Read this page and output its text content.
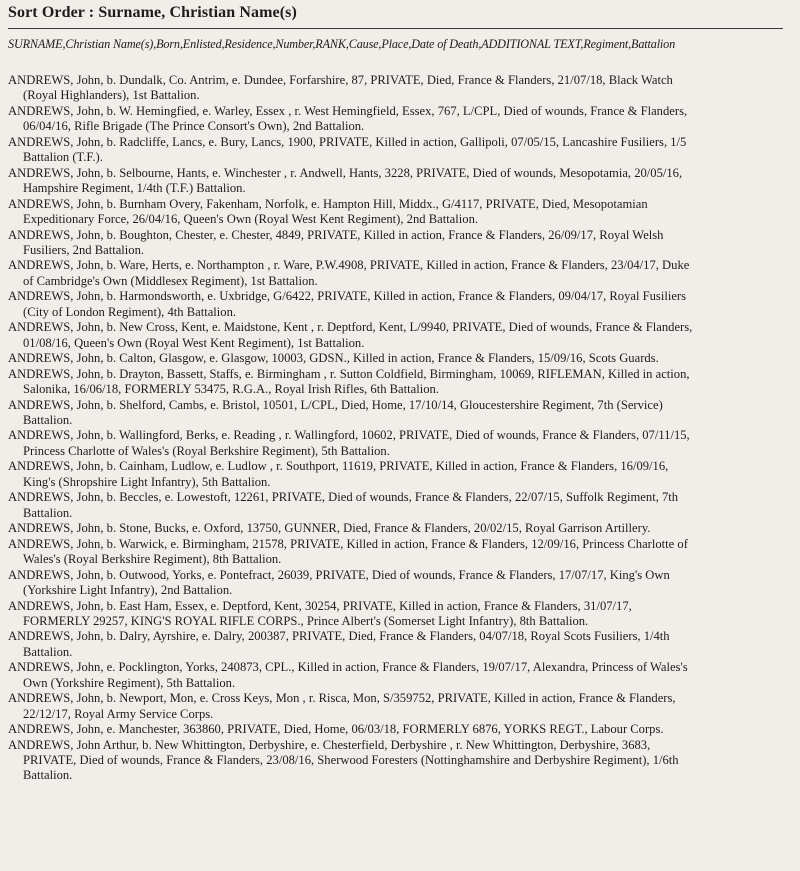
Sort Order : Surname, Christian Name(s)
SURNAME,Christian Name(s),Born,Enlisted,Residence,Number,RANK,Cause,Place,Date of Death,ADDITIONAL TEXT,Regiment,Battalion

ANDREWS, John, b. Dundalk, Co. Antrim, e. Dundee, Forfarshire, 87, PRIVATE, Died, France & Flanders, 21/07/18, Black Watch (Royal Highlanders), 1st Battalion.

ANDREWS, John, b. W. Hemingfied, e. Warley, Essex , r. West Hemingfield, Essex, 767, L/CPL, Died of wounds, France & Flanders, 06/04/16, Rifle Brigade (The Prince Consort's Own), 2nd Battalion.

ANDREWS, John, b. Radcliffe, Lancs, e. Bury, Lancs, 1900, PRIVATE, Killed in action, Gallipoli, 07/05/15, Lancashire Fusiliers, 1/5 Battalion (T.F.).

ANDREWS, John, b. Selbourne, Hants, e. Winchester , r. Andwell, Hants, 3228, PRIVATE, Died of wounds, Mesopotamia, 20/05/16, Hampshire Regiment, 1/4th (T.F.) Battalion.

ANDREWS, John, b. Burnham Overy, Fakenham, Norfolk, e. Hampton Hill, Middx., G/4117, PRIVATE, Died, Mesopotamian Expeditionary Force, 26/04/16, Queen's Own (Royal West Kent Regiment), 2nd Battalion.

ANDREWS, John, b. Boughton, Chester, e. Chester, 4849, PRIVATE, Killed in action, France & Flanders, 26/09/17, Royal Welsh Fusiliers, 2nd Battalion.

ANDREWS, John, b. Ware, Herts, e. Northampton , r. Ware, P.W.4908, PRIVATE, Killed in action, France & Flanders, 23/04/17, Duke of Cambridge's Own (Middlesex Regiment), 1st Battalion.

ANDREWS, John, b. Harmondsworth, e. Uxbridge, G/6422, PRIVATE, Killed in action, France & Flanders, 09/04/17, Royal Fusiliers (City of London Regiment), 4th Battalion.

ANDREWS, John, b. New Cross, Kent, e. Maidstone, Kent , r. Deptford, Kent, L/9940, PRIVATE, Died of wounds, France & Flanders, 01/08/16, Queen's Own (Royal West Kent Regiment), 1st Battalion.

ANDREWS, John, b. Calton, Glasgow, e. Glasgow, 10003, GDSN., Killed in action, France & Flanders, 15/09/16, Scots Guards.

ANDREWS, John, b. Drayton, Bassett, Staffs, e. Birmingham , r. Sutton Coldfield, Birmingham, 10069, RIFLEMAN, Killed in action, Salonika, 16/06/18, FORMERLY 53475, R.G.A., Royal Irish Rifles, 6th Battalion.

ANDREWS, John, b. Shelford, Cambs, e. Bristol, 10501, L/CPL, Died, Home, 17/10/14, Gloucestershire Regiment, 7th (Service) Battalion.

ANDREWS, John, b. Wallingford, Berks, e. Reading , r. Wallingford, 10602, PRIVATE, Died of wounds, France & Flanders, 07/11/15, Princess Charlotte of Wales's (Royal Berkshire Regiment), 5th Battalion.

ANDREWS, John, b. Cainham, Ludlow, e. Ludlow , r. Southport, 11619, PRIVATE, Killed in action, France & Flanders, 16/09/16, King's (Shropshire Light Infantry), 5th Battalion.

ANDREWS, John, b. Beccles, e. Lowestoft, 12261, PRIVATE, Died of wounds, France & Flanders, 22/07/15, Suffolk Regiment, 7th Battalion.

ANDREWS, John, b. Stone, Bucks, e. Oxford, 13750, GUNNER, Died, France & Flanders, 20/02/15, Royal Garrison Artillery.

ANDREWS, John, b. Warwick, e. Birmingham, 21578, PRIVATE, Killed in action, France & Flanders, 12/09/16, Princess Charlotte of Wales's (Royal Berkshire Regiment), 8th Battalion.

ANDREWS, John, b. Outwood, Yorks, e. Pontefract, 26039, PRIVATE, Died of wounds, France & Flanders, 17/07/17, King's Own (Yorkshire Light Infantry), 2nd Battalion.

ANDREWS, John, b. East Ham, Essex, e. Deptford, Kent, 30254, PRIVATE, Killed in action, France & Flanders, 31/07/17, FORMERLY 29257, KING'S ROYAL RIFLE CORPS., Prince Albert's (Somerset Light Infantry), 8th Battalion.

ANDREWS, John, b. Dalry, Ayrshire, e. Dalry, 200387, PRIVATE, Died, France & Flanders, 04/07/18, Royal Scots Fusiliers, 1/4th Battalion.

ANDREWS, John, e. Pocklington, Yorks, 240873, CPL., Killed in action, France & Flanders, 19/07/17, Alexandra, Princess of Wales's Own (Yorkshire Regiment), 5th Battalion.

ANDREWS, John, b. Newport, Mon, e. Cross Keys, Mon , r. Risca, Mon, S/359752, PRIVATE, Killed in action, France & Flanders, 22/12/17, Royal Army Service Corps.

ANDREWS, John, e. Manchester, 363860, PRIVATE, Died, Home, 06/03/18, FORMERLY 6876, YORKS REGT., Labour Corps.

ANDREWS, John Arthur, b. New Whittington, Derbyshire, e. Chesterfield, Derbyshire , r. New Whittington, Derbyshire, 3683, PRIVATE, Died of wounds, France & Flanders, 23/08/16, Sherwood Foresters (Nottinghamshire and Derbyshire Regiment), 1/6th Battalion.
